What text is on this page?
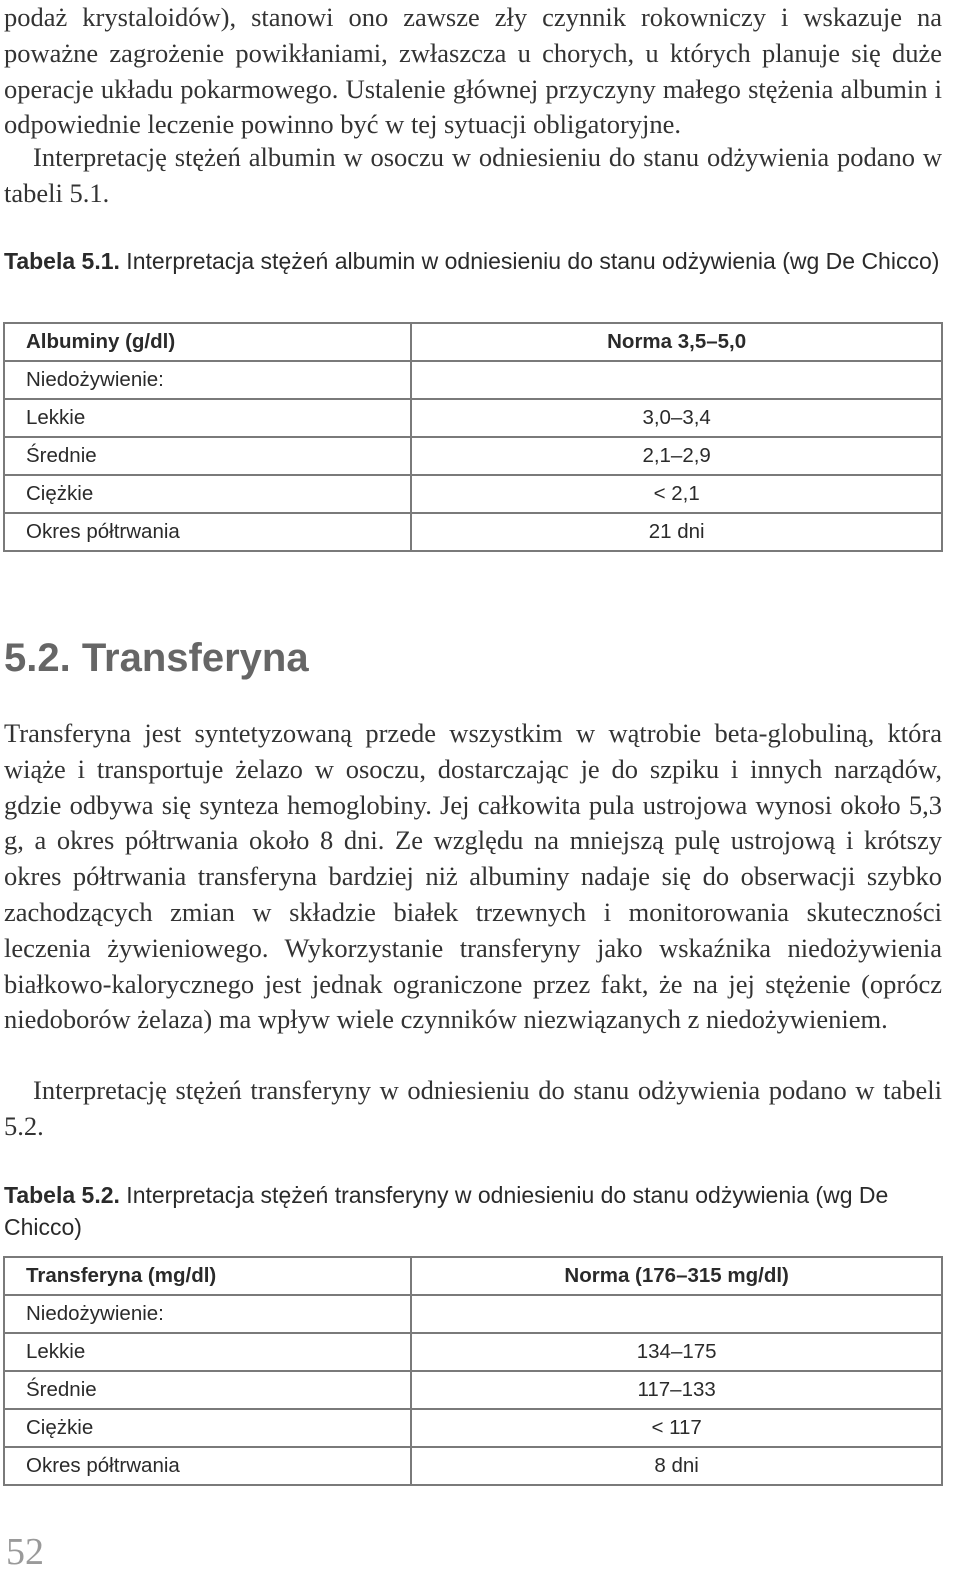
podaż krystaloidów), stanowi ono zawsze zły czynnik rokowniczy i wskazuje na poważne zagrożenie powikłaniami, zwłaszcza u chorych, u których planuje się duże operacje układu pokarmowego. Ustalenie głównej przyczyny małego stężenia albumin i odpowiednie leczenie powinno być w tej sytuacji obligatoryjne.

Interpretację stężeń albumin w osoczu w odniesieniu do stanu odżywienia podano w tabeli 5.1.

Tabela 5.1. Interpretacja stężeń albumin w odniesieniu do stanu odżywienia (wg De Chicco)

Albuminy (g/dl)	Norma 3,5–5,0
Niedożywienie:	
Lekkie	3,0–3,4
Średnie	2,1–2,9
Ciężkie	< 2,1
Okres półtrwania	21 dni
5.2. Transferyna

Transferyna jest syntetyzowaną przede wszystkim w wątrobie beta-globuliną, która wiąże i transportuje żelazo w osoczu, dostarczając je do szpiku i innych narządów, gdzie odbywa się synteza hemoglobiny. Jej całkowita pula ustrojowa wynosi około 5,3 g, a okres półtrwania około 8 dni. Ze względu na mniejszą pulę ustrojową i krótszy okres półtrwania transferyna bardziej niż albuminy nadaje się do obserwacji szybko zachodzących zmian w składzie białek trzewnych i monitorowania skuteczności leczenia żywieniowego. Wykorzystanie transferyny jako wskaźnika niedożywienia białkowo-kalorycznego jest jednak ograniczone przez fakt, że na jej stężenie (oprócz niedoborów żelaza) ma wpływ wiele czynników niezwiązanych z niedożywieniem.

Interpretację stężeń transferyny w odniesieniu do stanu odżywienia podano w tabeli 5.2.

Tabela 5.2. Interpretacja stężeń transferyny w odniesieniu do stanu odżywienia (wg De Chicco)

Transferyna (mg/dl)	Norma (176–315 mg/dl)
Niedożywienie:	
Lekkie	134–175
Średnie	117–133
Ciężkie	< 117
Okres półtrwania	8 dni
52
